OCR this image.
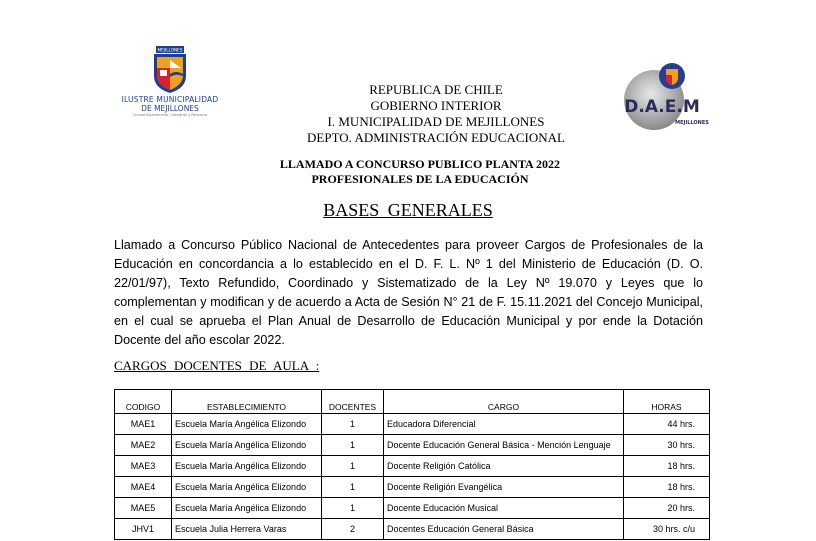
MEJILLONES
ILUSTRE MUNICIPALIDAD
DE MEJILLONES
Ciudad Bicentenario, Industrial y Portuaria	D.A.E.M
MEJILLONES
REPUBLICA DE CHILE
GOBIERNO INTERIOR
I. MUNICIPALIDAD DE MEJILLONES
DEPTO. ADMINISTRACIÓN EDUCACIONAL
LLAMADO A CONCURSO PUBLICO PLANTA 2022
PROFESIONALES DE LA EDUCACIÓN
BASES GENERALES
Llamado a Concurso Público Nacional de Antecedentes para proveer Cargos de Profesionales de la Educación en concordancia a lo establecido en el D. F. L. Nº 1 del Ministerio de Educación (D. O. 22/01/97), Texto Refundido, Coordinado y Sistematizado de la Ley Nº 19.070 y Leyes que lo complementan y modifican y de acuerdo a Acta de Sesión N° 21 de F. 15.11.2021 del Concejo Municipal, en el cual se aprueba el Plan Anual de Desarrollo de Educación Municipal y por ende la Dotación Docente del año escolar 2022.
CARGOS DOCENTES DE AULA :
CODIGO	ESTABLECIMIENTO	DOCENTES	CARGO	HORAS
MAE1	Escuela María Angélica Elizondo	1	Educadora Diferencial	44 hrs.
MAE2	Escuela María Angélica Elizondo	1	Docente Educación General Básica - Mención Lenguaje	30 hrs.
MAE3	Escuela María Angélica Elizondo	1	Docente Religión Católica	18 hrs.
MAE4	Escuela María Angélica Elizondo	1	Docente Religión Evangélica	18 hrs.
MAE5	Escuela María Angélica Elizondo	1	Docente Educación Musical	20 hrs.
JHV1	Escuela Julia Herrera Varas	2	Docentes Educación General Básica	30 hrs. c/u
